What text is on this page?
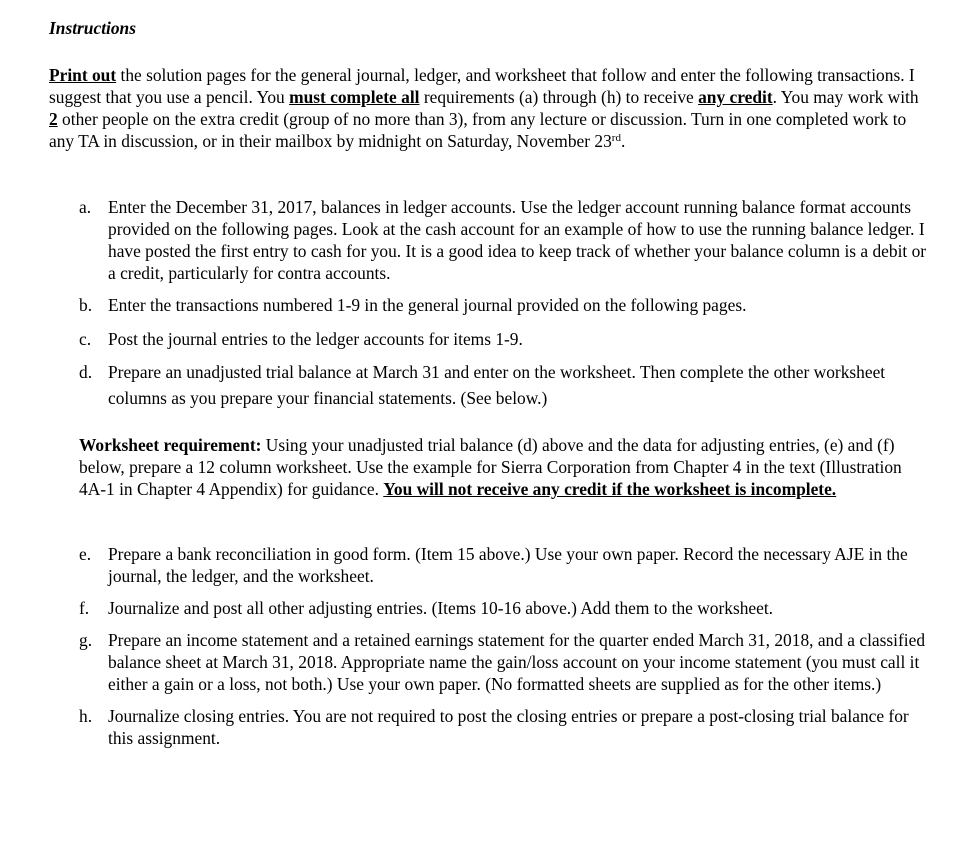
Instructions

Print out the solution pages for the general journal, ledger, and worksheet that follow and enter the following transactions. I suggest that you use a pencil. You must complete all requirements (a) through (h) to receive any credit. You may work with 2 other people on the extra credit (group of no more than 3), from any lecture or discussion. Turn in one completed work to any TA in discussion, or in their mailbox by midnight on Saturday, November 23rd.

a. Enter the December 31, 2017, balances in ledger accounts. Use the ledger account running balance format accounts provided on the following pages. Look at the cash account for an example of how to use the running balance ledger. I have posted the first entry to cash for you. It is a good idea to keep track of whether your balance column is a debit or a credit, particularly for contra accounts.
b. Enter the transactions numbered 1-9 in the general journal provided on the following pages.
c. Post the journal entries to the ledger accounts for items 1-9.
d. Prepare an unadjusted trial balance at March 31 and enter on the worksheet. Then complete the other worksheet columns as you prepare your financial statements. (See below.)

Worksheet requirement: Using your unadjusted trial balance (d) above and the data for adjusting entries, (e) and (f) below, prepare a 12 column worksheet. Use the example for Sierra Corporation from Chapter 4 in the text (Illustration 4A-1 in Chapter 4 Appendix) for guidance. You will not receive any credit if the worksheet is incomplete.

e. Prepare a bank reconciliation in good form. (Item 15 above.) Use your own paper. Record the necessary AJE in the journal, the ledger, and the worksheet.
f. Journalize and post all other adjusting entries. (Items 10-16 above.) Add them to the worksheet.
g. Prepare an income statement and a retained earnings statement for the quarter ended March 31, 2018, and a classified balance sheet at March 31, 2018. Appropriate name the gain/loss account on your income statement (you must call it either a gain or a loss, not both.) Use your own paper. (No formatted sheets are supplied as for the other items.)
h. Journalize closing entries. You are not required to post the closing entries or prepare a post-closing trial balance for this assignment.
